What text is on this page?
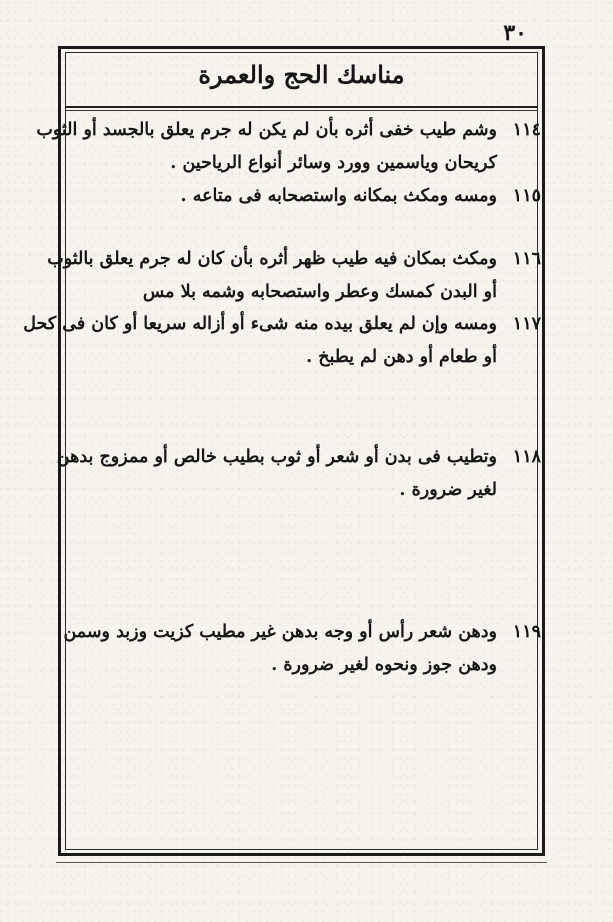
٣٠
مناسك الحج والعمرة
١١٤وشم طيب خفى أثره بأن لم يكن له جرم يعلق بالجسد أو الثوب
كريحان وياسمين وورد وسائر أنواع الرياحين .
١١٥ومسه ومكث بمكانه واستصحابه فى متاعه .
١١٦ومكث بمكان فيه طيب ظهر أثره بأن كان له جرم يعلق بالثوب
أو البدن كمسك وعطر واستصحابه وشمه بلا مس
١١٧ومسه وإن لم يعلق بيده منه شىء أو أزاله سريعا أو كان فى كحل
أو طعام أو دهن لم يطبخ .
١١٨وتطيب فى بدن أو شعر أو ثوب بطيب خالص أو ممزوج بدهن
لغير ضرورة .
١١٩ودهن شعر رأس أو وجه بدهن غير مطيب كزيت وزبد وسمن
ودهن جوز ونحوه لغير ضرورة .
